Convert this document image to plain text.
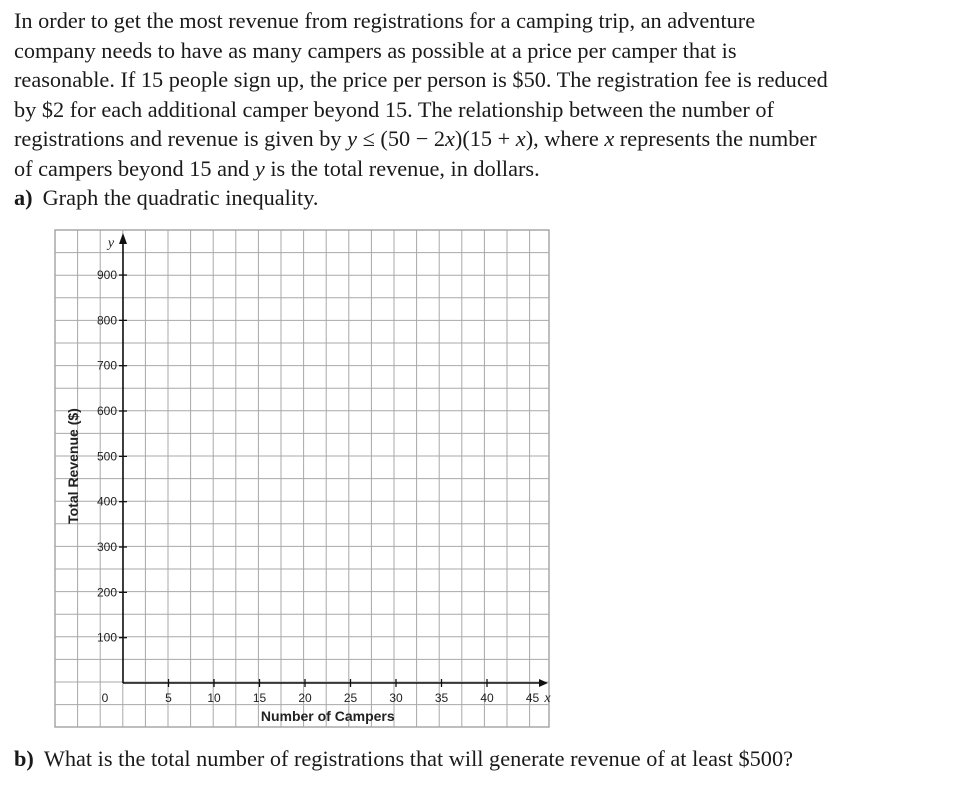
In order to get the most revenue from registrations for a camping trip, an adventure
company needs to have as many campers as possible at a price per camper that is
reasonable. If 15 people sign up, the price per person is $50. The registration fee is reduced
by $2 for each additional camper beyond 15. The relationship between the number of
registrations and revenue is given by y ≤ (50 − 2x)(15 + x), where x represents the number
of campers beyond 15 and y is the total revenue, in dollars.
a) Graph the quadratic inequality.
100
200
300
400
500
600
700
800
900
5	10	15	20	25	30	35	40	45
0
Number of Campers
Total Revenue ($)
x
y
b) What is the total number of registrations that will generate revenue of at least $500?
